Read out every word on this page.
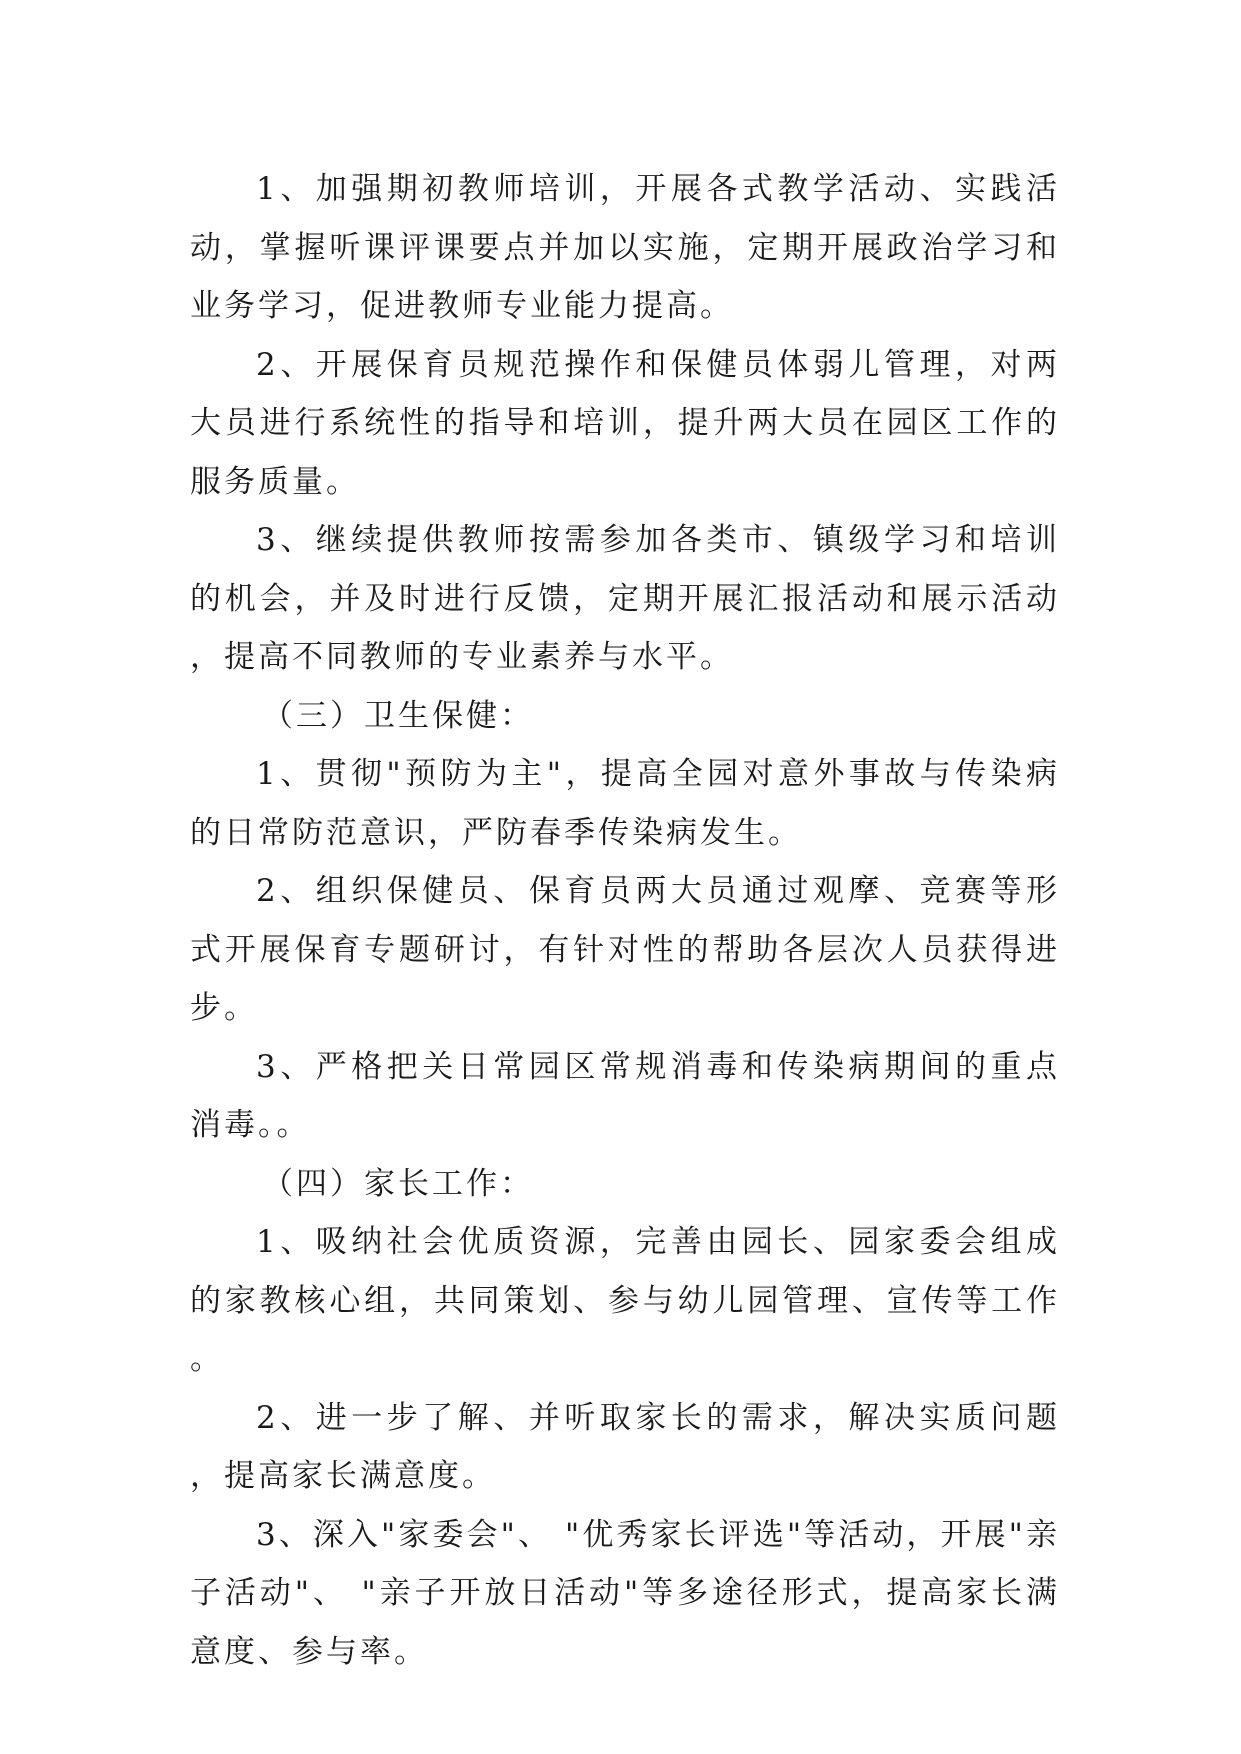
1、加强期初教师培训，开展各式教学活动、实践活动，掌握听课评课要点并加以实施，定期开展政治学习和业务学习，促进教师专业能力提高。

2、开展保育员规范操作和保健员体弱儿管理，对两大员进行系统性的指导和培训，提升两大员在园区工作的服务质量。

3、继续提供教师按需参加各类市、镇级学习和培训的机会，并及时进行反馈，定期开展汇报活动和展示活动，提高不同教师的专业素养与水平。

（三）卫生保健：

1、贯彻"预防为主"，提高全园对意外事故与传染病的日常防范意识，严防春季传染病发生。

2、组织保健员、保育员两大员通过观摩、竞赛等形式开展保育专题研讨，有针对性的帮助各层次人员获得进步。

3、严格把关日常园区常规消毒和传染病期间的重点消毒。。

（四）家长工作：

1、吸纳社会优质资源，完善由园长、园家委会组成的家教核心组，共同策划、参与幼儿园管理、宣传等工作。

2、进一步了解、并听取家长的需求，解决实质问题，提高家长满意度。

3、深入"家委会"、 "优秀家长评选"等活动，开展"亲子活动"、 "亲子开放日活动"等多途径形式，提高家长满意度、参与率。
